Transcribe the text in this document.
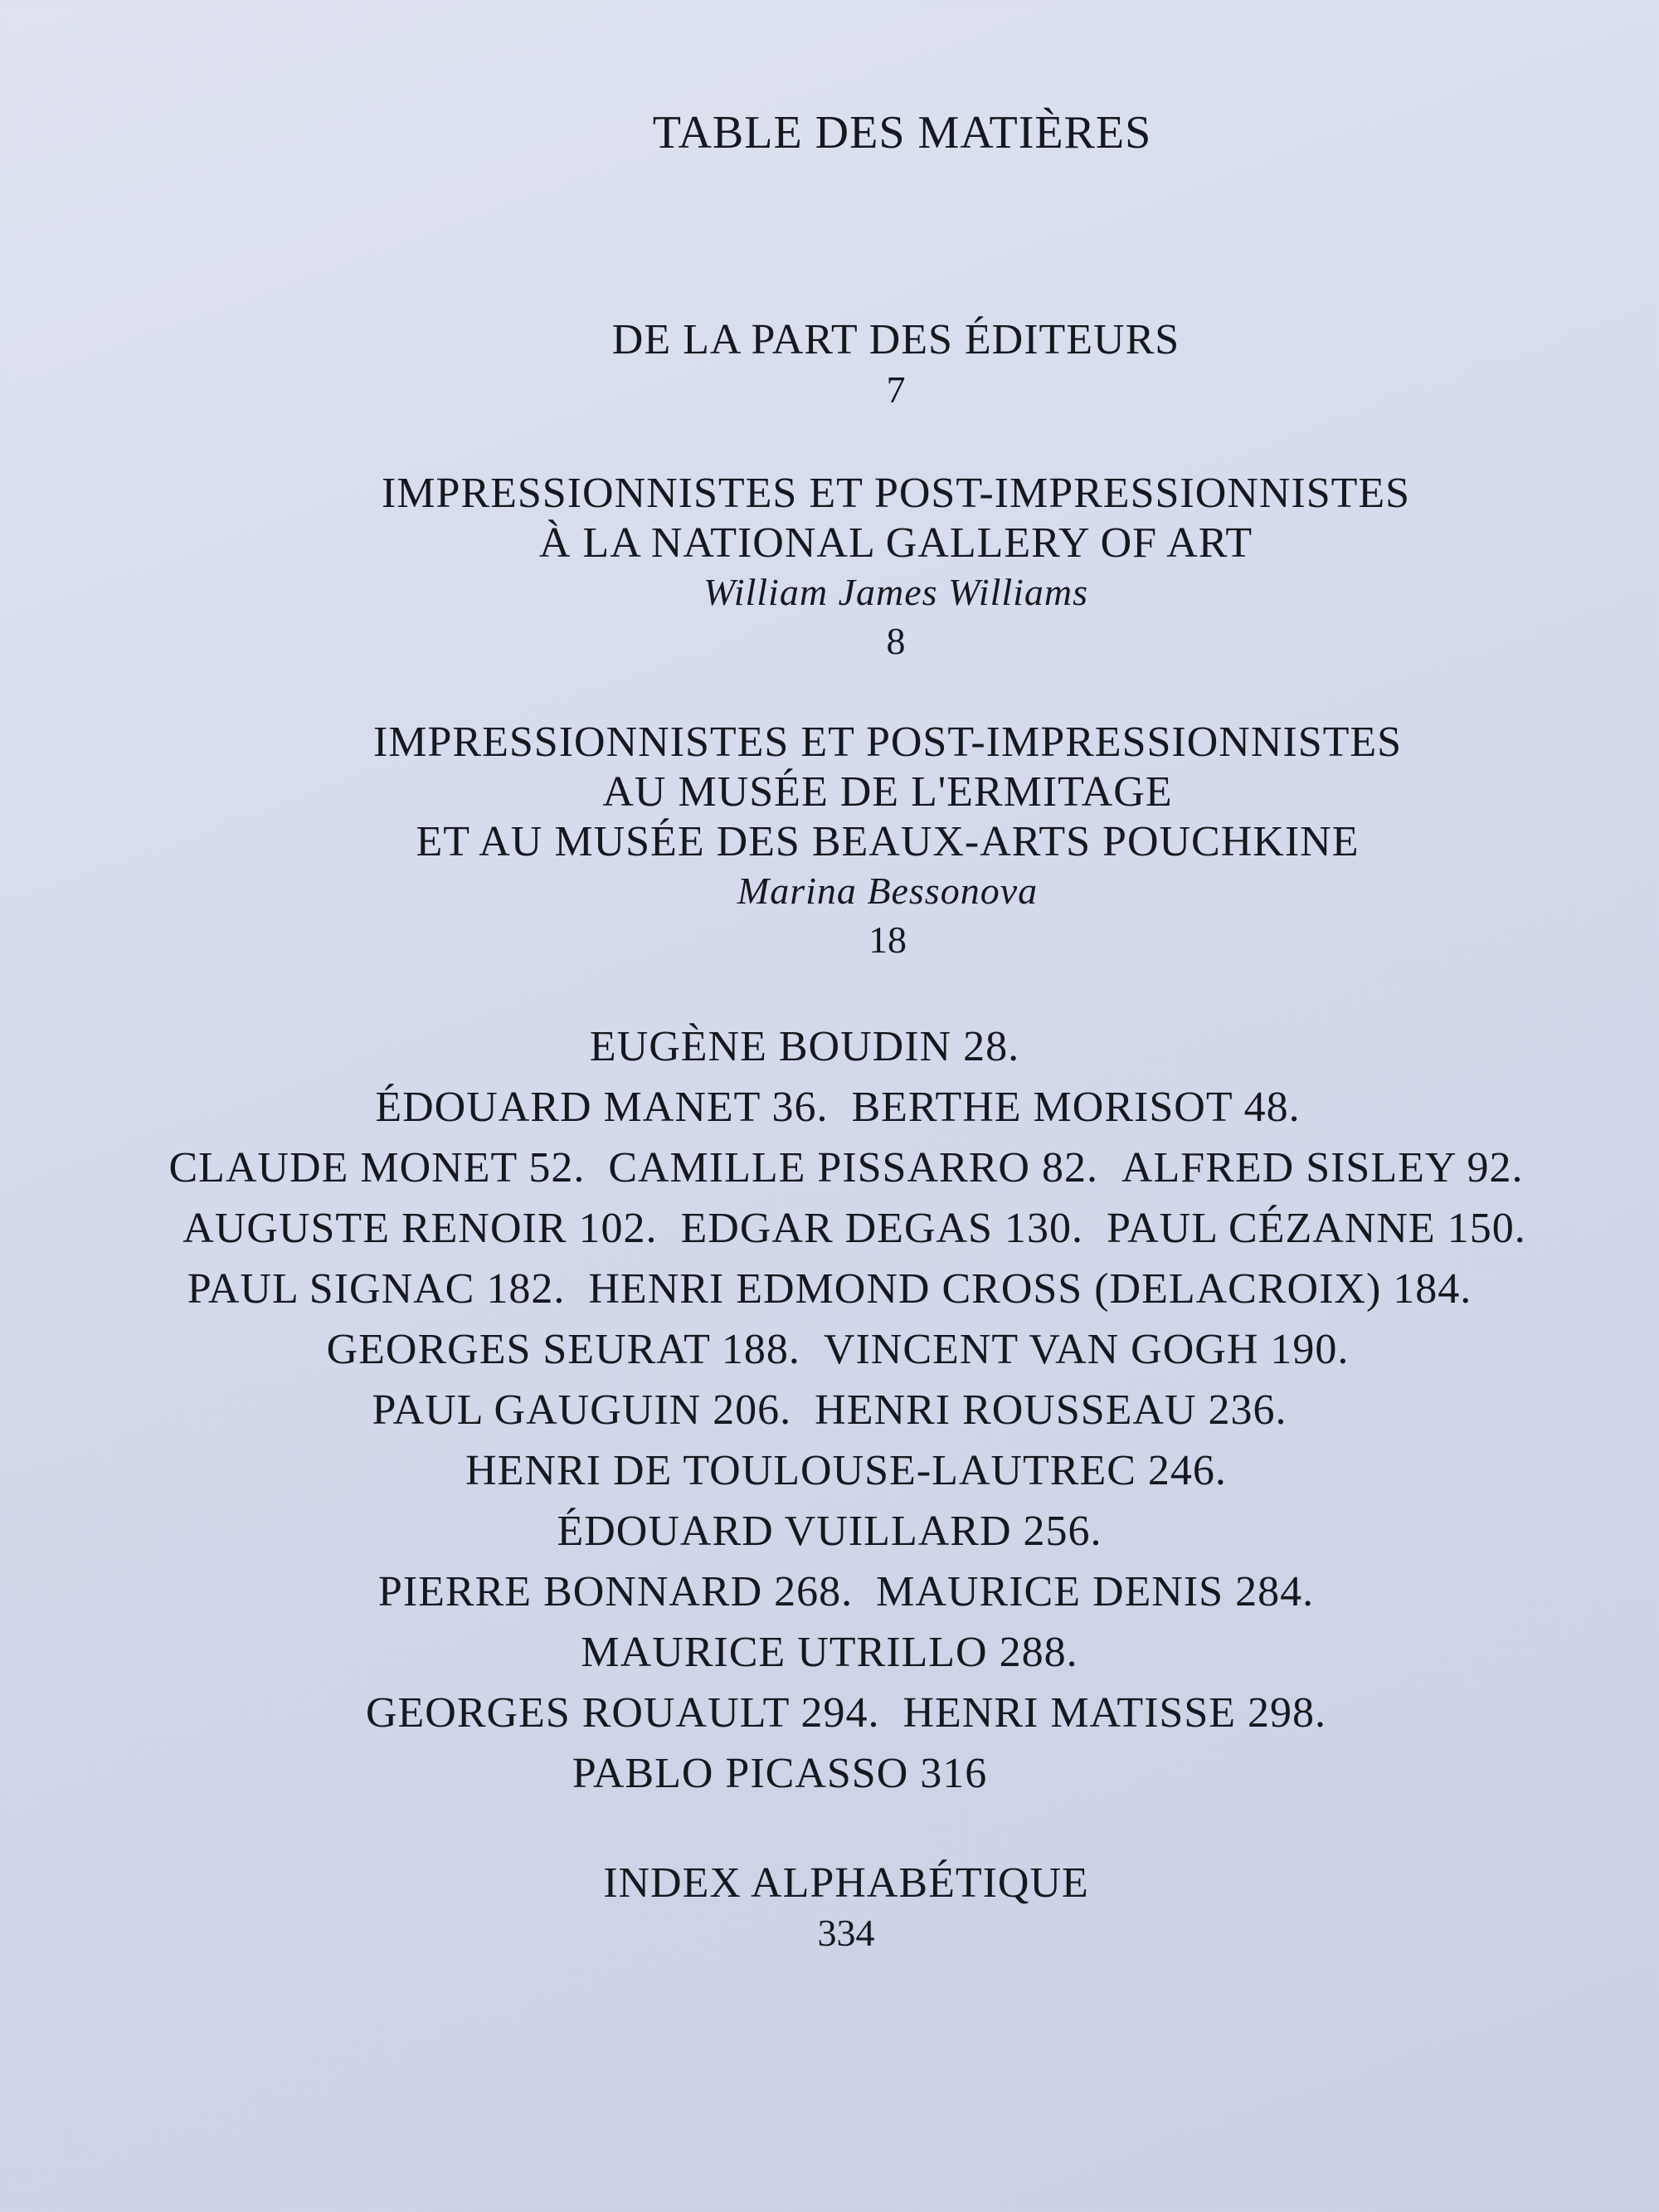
TABLE DES MATIÈRES
DE LA PART DES ÉDITEURS
7
IMPRESSIONNISTES ET POST-IMPRESSIONNISTES
À LA NATIONAL GALLERY OF ART
William James Williams
8
IMPRESSIONNISTES ET POST-IMPRESSIONNISTES
AU MUSÉE DE L'ERMITAGE
ET AU MUSÉE DES BEAUX-ARTS POUCHKINE
Marina Bessonova
18
EUGÈNE BOUDIN 28.
ÉDOUARD MANET 36. BERTHE MORISOT 48.
CLAUDE MONET 52. CAMILLE PISSARRO 82. ALFRED SISLEY 92.
AUGUSTE RENOIR 102. EDGAR DEGAS 130. PAUL CÉZANNE 150.
PAUL SIGNAC 182. HENRI EDMOND CROSS (DELACROIX) 184.
GEORGES SEURAT 188. VINCENT VAN GOGH 190.
PAUL GAUGUIN 206. HENRI ROUSSEAU 236.
HENRI DE TOULOUSE-LAUTREC 246.
ÉDOUARD VUILLARD 256.
PIERRE BONNARD 268. MAURICE DENIS 284.
MAURICE UTRILLO 288.
GEORGES ROUAULT 294. HENRI MATISSE 298.
PABLO PICASSO 316
INDEX ALPHABÉTIQUE
334
